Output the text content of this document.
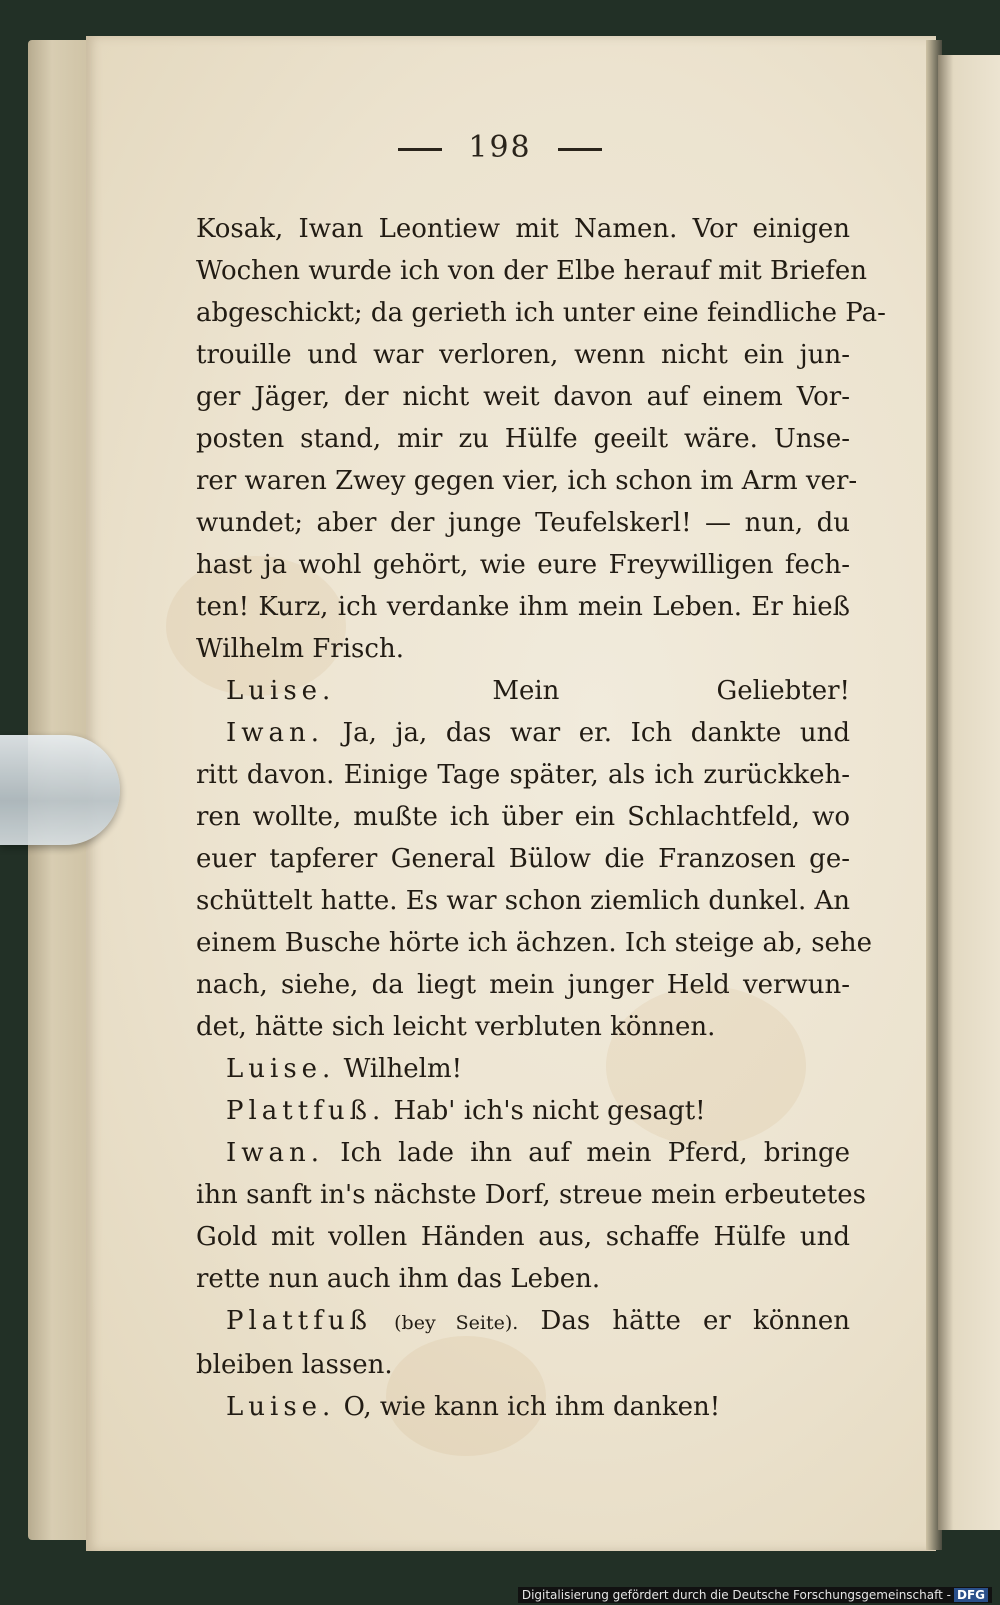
198
Kosak, Iwan Leontiew mit Namen. Vor einigen
Wochen wurde ich von der Elbe herauf mit Briefen
abgeschickt; da gerieth ich unter eine feindliche Pa-
trouille und war verloren, wenn nicht ein jun-
ger Jäger, der nicht weit davon auf einem Vor-
posten stand, mir zu Hülfe geeilt wäre. Unse-
rer waren Zwey gegen vier, ich schon im Arm ver-
wundet; aber der junge Teufelskerl! — nun, du
hast ja wohl gehört, wie eure Freywilligen fech-
ten! Kurz, ich verdanke ihm mein Leben. Er hieß
Wilhelm Frisch.
Luise.	Mein Geliebter!
Iwan. Ja, ja, das war er. Ich dankte und
ritt davon. Einige Tage später, als ich zurückkeh-
ren wollte, mußte ich über ein Schlachtfeld, wo
euer tapferer General Bülow die Franzosen ge-
schüttelt hatte. Es war schon ziemlich dunkel. An
einem Busche hörte ich ächzen. Ich steige ab, sehe
nach, siehe, da liegt mein junger Held verwun-
det, hätte sich leicht verbluten können.
Luise. Wilhelm!
Plattfuß. Hab' ich's nicht gesagt!
Iwan. Ich lade ihn auf mein Pferd, bringe
ihn sanft in's nächste Dorf, streue mein erbeutetes
Gold mit vollen Händen aus, schaffe Hülfe und
rette nun auch ihm das Leben.
Plattfuß (bey Seite). Das hätte er können
bleiben lassen.
Luise. O, wie kann ich ihm danken!
Digitalisierung gefördert durch die Deutsche Forschungsgemeinschaft - DFG
